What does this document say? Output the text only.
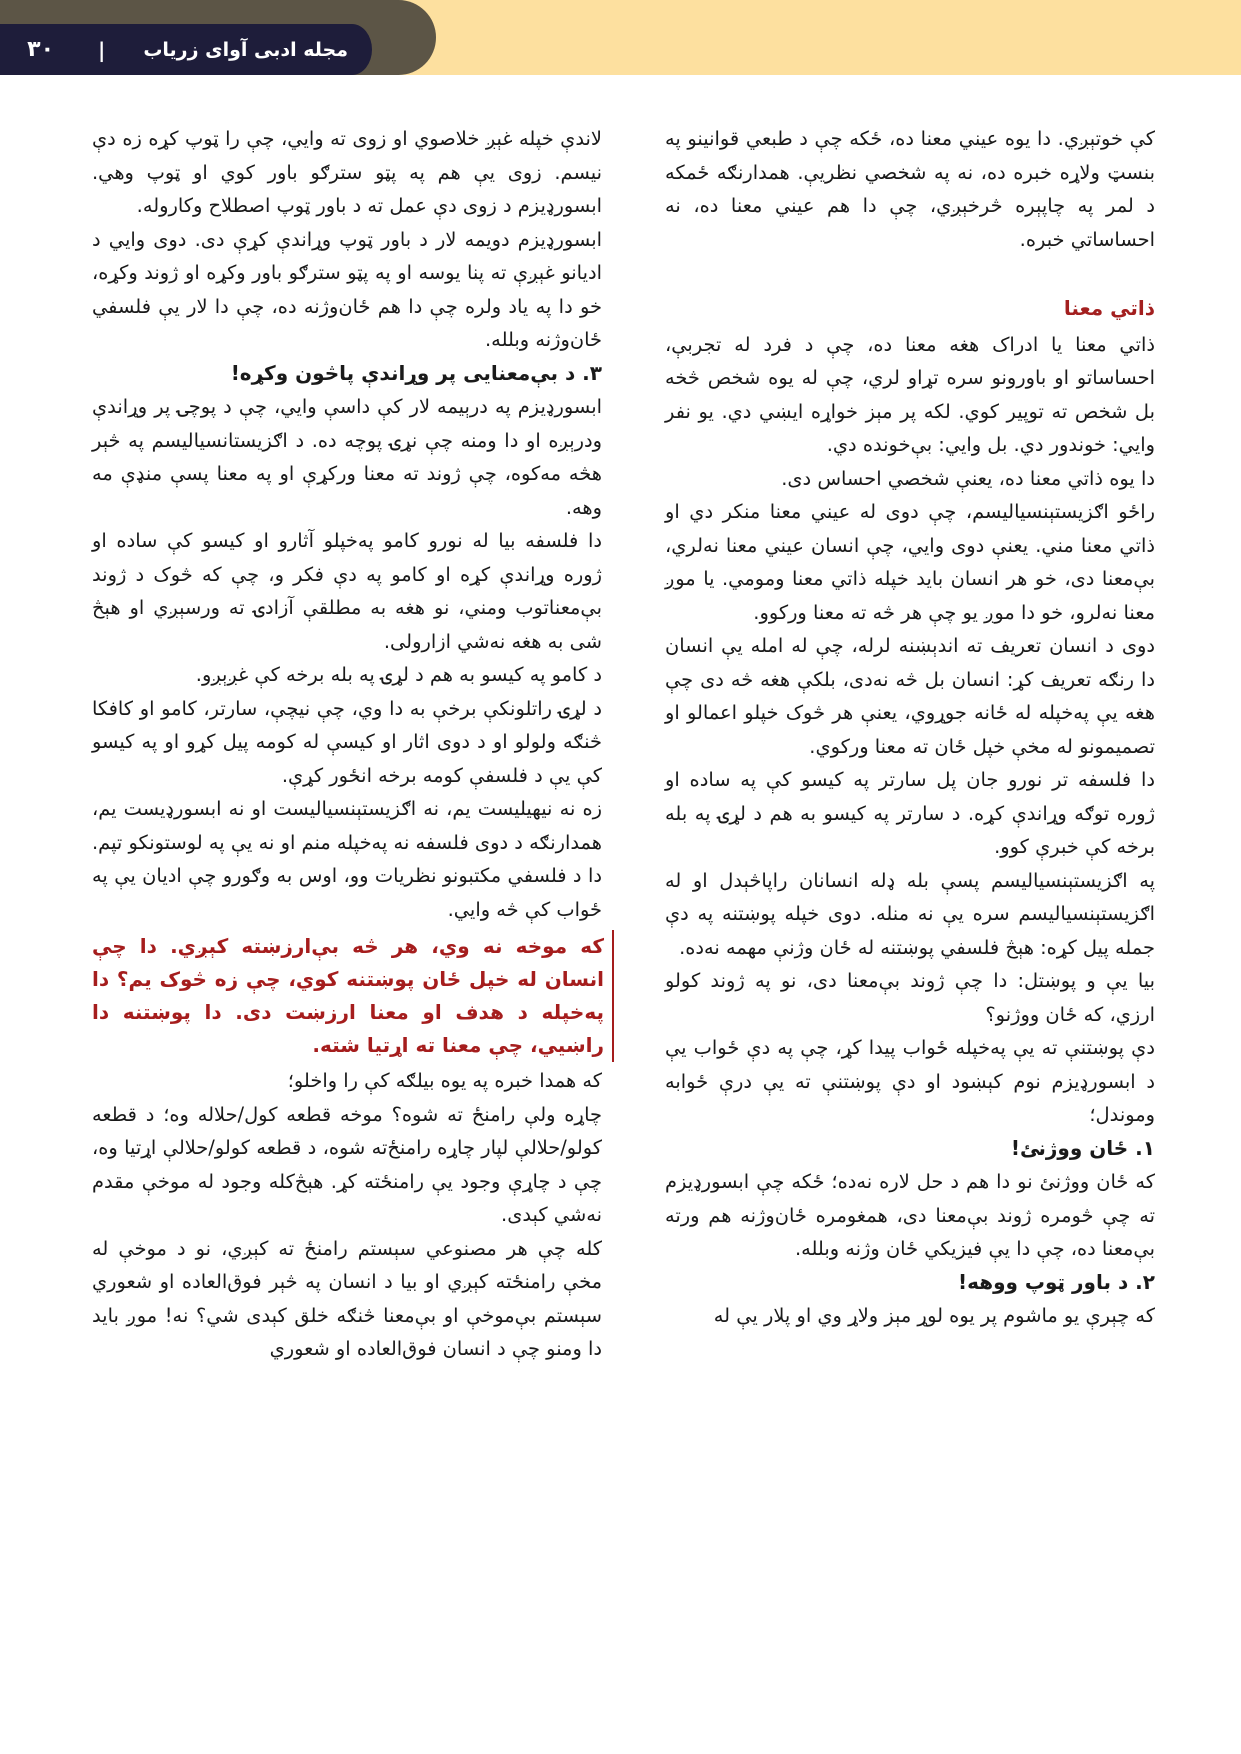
مجله ادبی آوای زریاب
|
۳۰

کې خوتېږي. دا یوه عیني معنا ده، ځکه چې د طبعي قوانینو په بنسټ ولاړه خبره ده، نه په شخصي نظریې. همدارنګه ځمکه د لمر په چاپېره څرخېږي، چې دا هم عیني معنا ده، نه احساساتي خبره.

ذاتي معنا

ذاتي معنا یا ادراک هغه معنا ده، چې د فرد له تجربې، احساساتو او باورونو سره تړاو لري، چې له یوه شخص څخه بل شخص ته توپیر کوي. لکه پر مېز خواړه ایښي دي. یو نفر وایي: خوندور دي. بل وایي: بې‌خونده دي.

دا یوه ذاتي معنا ده، یعنې شخصي احساس دی.

راځو اګزیستېنسیالیسم، چې دوی له عیني معنا منکر دي او ذاتي معنا مني. یعنې دوی وایي، چې انسان عیني معنا نه‌لري، بې‌معنا دی، خو هر انسان باید خپله ذاتي معنا ومومي. یا موږ معنا نه‌لرو، خو دا موږ یو چې هر څه ته معنا ورکوو.

دوی د انسان تعریف ته اندېښنه لرله، چې له امله یې انسان دا رنګه تعریف کړ: انسان بل څه نه‌دی، بلکې هغه څه دی چې هغه یې په‌خپله له ځانه جوړوي، یعنې هر څوک خپلو اعمالو او تصمیمونو له مخې خپل ځان ته معنا ورکوي.

دا فلسفه تر نورو جان پل سارتر په کیسو کې په ساده او ژوره توګه وړاندې کړه. د سارتر په کیسو به هم د لړۍ په بله برخه کې خبرې کوو.

په اګزیستېنسیالیسم پسې بله ډله انسانان راپاڅېدل او له اګزیستېنسیالیسم سره یې نه منله. دوی خپله پوښتنه په دې جمله پیل کړه: هېڅ فلسفي پوښتنه له ځان وژنې مهمه نه‌ده.

بیا یې و پوښتل: دا چې ژوند بې‌معنا دی، نو په ژوند کولو ارزي، که ځان ووژنو؟

دې پوښتنې ته یې په‌خپله ځواب پیدا کړ، چې په دې ځواب یې د ابسورډیزم نوم کېښود او دې پوښتنې ته یې درې ځوابه وموندل؛

۱. ځان ووژنئ!

که ځان ووژنئ نو دا هم د حل لاره نه‌ده؛ ځکه چې ابسورډیزم ته چې څومره ژوند بې‌معنا دی، همغومره ځان‌وژنه هم ورته بې‌معنا ده، چې دا یې فیزیکي ځان وژنه وبلله.

۲. د باور ټوپ ووهه!

که چېرې یو ماشوم پر یوه لوړ مېز ولاړ وي او پلار یې له

لاندې خپله غېږ خلاصوي او زوی ته وایي، چې را ټوپ کړه زه دې نیسم. زوی یې هم په پټو سترګو باور کوي او ټوپ وهي. ابسورډیزم د زوی دې عمل ته د باور ټوپ اصطلاح وکاروله.

ابسورډیزم دویمه لار د باور ټوپ وړاندې کړې دی. دوی وایي د ادیانو غېږې ته پنا یوسه او په پټو سترګو باور وکړه او ژوند وکړه، خو دا په یاد ولره چې دا هم ځان‌وژنه ده، چې دا لار یې فلسفي ځان‌وژنه وبلله.

۳. د بې‌معنایی پر وړاندې پاڅون وکړه!

ابسورډیزم په درېیمه لار کې داسې وایي، چې د پوچۍ پر وړاندې ودرېږه او دا ومنه چې نړۍ پوچه ده. د اګزیستانسیالیسم په څېر هڅه مه‌کوه، چې ژوند ته معنا ورکړې او په معنا پسې منډې مه وهه.

دا فلسفه بیا له نورو کامو په‌خپلو آثارو او کیسو کې ساده او ژوره وړاندې کړه او کامو په دې فکر و، چې که څوک د ژوند بې‌معناتوب ومني، نو هغه به مطلقې آزادۍ ته ورسېږي او هېڅ شی به هغه نه‌شي ازارولی.

د کامو په کیسو به هم د لړۍ په بله برخه کې غږېږو.

د لړۍ راتلونکې برخې به دا وي، چې نیچې، سارتر، کامو او کافکا څنګه ولولو او د دوی اثار او کیسې له کومه پیل کړو او په کیسو کې یې د فلسفې کومه برخه انځور کړې.

زه نه نیهیلیست یم، نه اګزیستېنسیالیست او نه ابسورډیست یم، همدارنګه د دوی فلسفه نه په‌خپله منم او نه یې په لوستونکو تپم. دا د فلسفي مکتبونو نظریات وو، اوس به وګورو چې ادیان یې په ځواب کې څه وایي.

که موخه نه وي، هر څه بې‌ارزښته کېږي. دا چې انسان له خپل ځان پوښتنه کوي، چې زه څوک یم؟ دا په‌خپله د هدف او معنا ارزښت دی. دا پوښتنه دا راښيي، چې معنا ته اړتیا شته.

که همدا خبره په یوه بیلګه کې را واخلو؛

چاړه ولې رامنځ ته شوه؟ موخه قطعه کول/حلاله وه؛ د قطعه کولو/حلالې لپار چاړه رامنځ‌ته شوه، د قطعه کولو/حلالې اړتیا وه، چې د چاړې وجود یې رامنځته کړ. هېڅ‌کله وجود له موخې مقدم نه‌شي کېدی.

کله چې هر مصنوعي سېستم رامنځ ته کېږي، نو د موخې له مخې رامنځته کېږي او بیا د انسان په څېر فوق‌العاده او شعوري سېستم بې‌موخې او بې‌معنا څنګه خلق کېدی شي؟ نه! موږ باید دا ومنو چې د انسان فوق‌العاده او شعوري
